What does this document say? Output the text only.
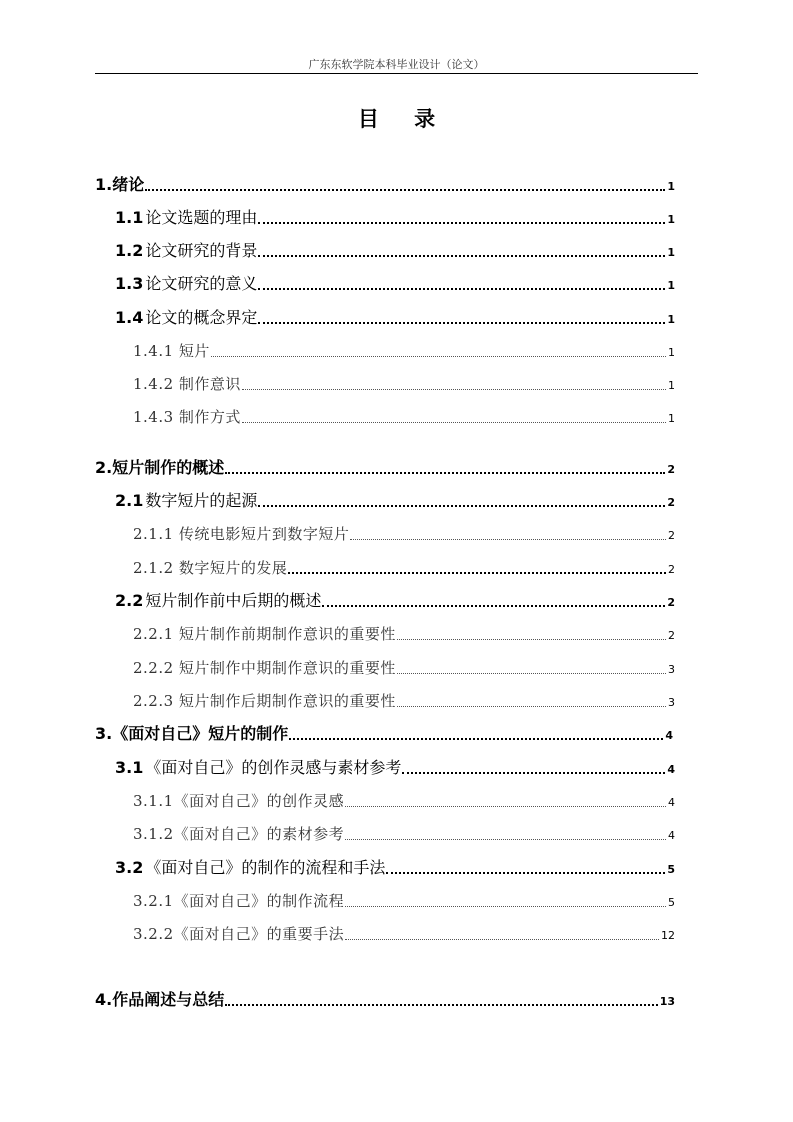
广东东软学院本科毕业设计（论文）
目 录
1.绪论	1
1.1 论文选题的理由	1
1.2 论文研究的背景	1
1.3 论文研究的意义	1
1.4 论文的概念界定	1
1.4.1 短片	1
1.4.2 制作意识	1
1.4.3 制作方式	1
2.短片制作的概述	2
2.1 数字短片的起源	2
2.1.1 传统电影短片到数字短片	2
2.1.2 数字短片的发展	2
2.2 短片制作前中后期的概述	2
2.2.1 短片制作前期制作意识的重要性	2
2.2.2 短片制作中期制作意识的重要性	3
2.2.3 短片制作后期制作意识的重要性	3
3.《面对自己》短片的制作	4
3.1 《面对自己》的创作灵感与素材参考	4
3.1.1《面对自己》的创作灵感	4
3.1.2《面对自己》的素材参考	4
3.2 《面对自己》的制作的流程和手法	5
3.2.1《面对自己》的制作流程	5
3.2.2《面对自己》的重要手法	12
4.作品阐述与总结	13
